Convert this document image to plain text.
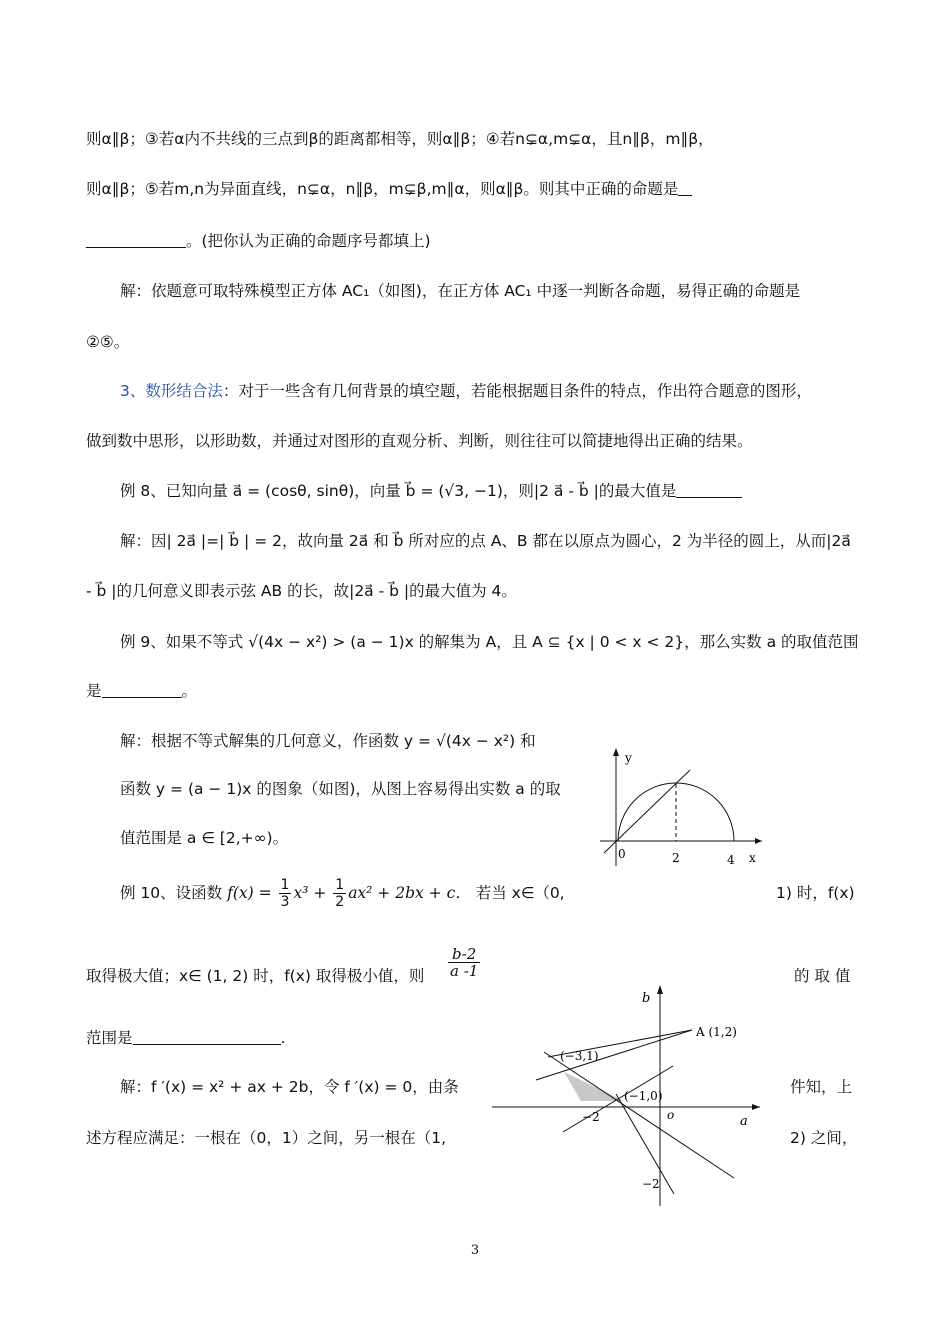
则α∥β；③若α内不共线的三点到β的距离都相等，则α∥β；④若n⊊α,m⊊α，且n∥β，m∥β，
则α∥β；⑤若m,n为异面直线，n⊊α，n∥β，m⊊β,m∥α，则α∥β。则其中正确的命题是
。(把你认为正确的命题序号都填上)
解：依题意可取特殊模型正方体 AC₁（如图)，在正方体 AC₁ 中逐一判断各命题，易得正确的命题是
②⑤。
3、数形结合法：对于一些含有几何背景的填空题，若能根据题目条件的特点，作出符合题意的图形，
做到数中思形，以形助数，并通过对图形的直观分析、判断，则往往可以简捷地得出正确的结果。
例 8、已知向量 a⃗ = (cosθ, sinθ)，向量 b⃗ = (√3, −1)，则|2 a⃗ - b⃗ |的最大值是
解：因| 2a⃗ |=| b⃗ | = 2，故向量 2a⃗ 和 b⃗ 所对应的点 A、B 都在以原点为圆心，2 为半径的圆上，从而|2a⃗
- b⃗ |的几何意义即表示弦 AB 的长，故|2a⃗ - b⃗ |的最大值为 4。
例 9、如果不等式 √(4x − x²) > (a − 1)x 的解集为 A，且 A ⊆ {x | 0 < x < 2}，那么实数 a 的取值范围
是	。
解：根据不等式解集的几何意义，作函数 y = √(4x − x²) 和
函数 y = (a − 1)x 的图象（如图)，从图上容易得出实数 a 的取
值范围是 a ∈ [2,+∞)。
例 10、设函数 $f(x) = \frac{1}{3} x^3 + \frac{1}{2} ax^2 + 2bx + c$． 若当 x∈（0,	1) 时，f(x)
取得极大值；x∈ (1, 2) 时，f(x) 取得极小值，则 $\frac{b-2}{a -1}$	的 取 值
范围是	.
解：f ′(x) = x² + ax + 2b，令 f ′(x) = 0，由条	件知，上
述方程应满足：一根在（0，1）之间，另一根在（1,	2) 之间，
y
x
0	2	4
b
a
o
A (1,2)
(−3,1)
(−1,0)
−2
−2
3
